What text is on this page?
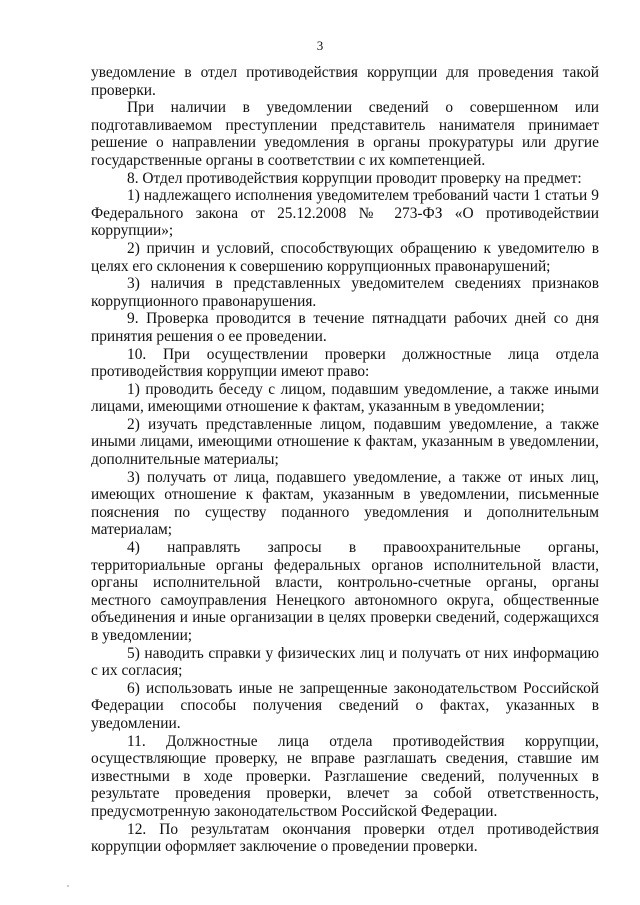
3

уведомление в отдел противодействия коррупции для проведения такой проверки.

При наличии в уведомлении сведений о совершенном или подготавливаемом преступлении представитель нанимателя принимает решение о направлении уведомления в органы прокуратуры или другие государственные органы в соответствии с их компетенцией.

8. Отдел противодействия коррупции проводит проверку на предмет:

1) надлежащего исполнения уведомителем требований части 1 статьи 9 Федерального закона от 25.12.2008 № 273-ФЗ «О противодействии коррупции»;

2) причин и условий, способствующих обращению к уведомителю в целях его склонения к совершению коррупционных правонарушений;

3) наличия в представленных уведомителем сведениях признаков коррупционного правонарушения.

9. Проверка проводится в течение пятнадцати рабочих дней со дня принятия решения о ее проведении.

10. При осуществлении проверки должностные лица отдела противодействия коррупции имеют право:

1) проводить беседу с лицом, подавшим уведомление, а также иными лицами, имеющими отношение к фактам, указанным в уведомлении;

2) изучать представленные лицом, подавшим уведомление, а также иными лицами, имеющими отношение к фактам, указанным в уведомлении, дополнительные материалы;

3) получать от лица, подавшего уведомление, а также от иных лиц, имеющих отношение к фактам, указанным в уведомлении, письменные пояснения по существу поданного уведомления и дополнительным материалам;

4) направлять запросы в правоохранительные органы, территориальные органы федеральных органов исполнительной власти, органы исполнительной власти, контрольно-счетные органы, органы местного самоуправления Ненецкого автономного округа, общественные объединения и иные организации в целях проверки сведений, содержащихся в уведомлении;

5) наводить справки у физических лиц и получать от них информацию с их согласия;

6) использовать иные не запрещенные законодательством Российской Федерации способы получения сведений о фактах, указанных в уведомлении.

11. Должностные лица отдела противодействия коррупции, осуществляющие проверку, не вправе разглашать сведения, ставшие им известными в ходе проверки. Разглашение сведений, полученных в результате проведения проверки, влечет за собой ответственность, предусмотренную законодательством Российской Федерации.

12. По результатам окончания проверки отдел противодействия коррупции оформляет заключение о проведении проверки.
